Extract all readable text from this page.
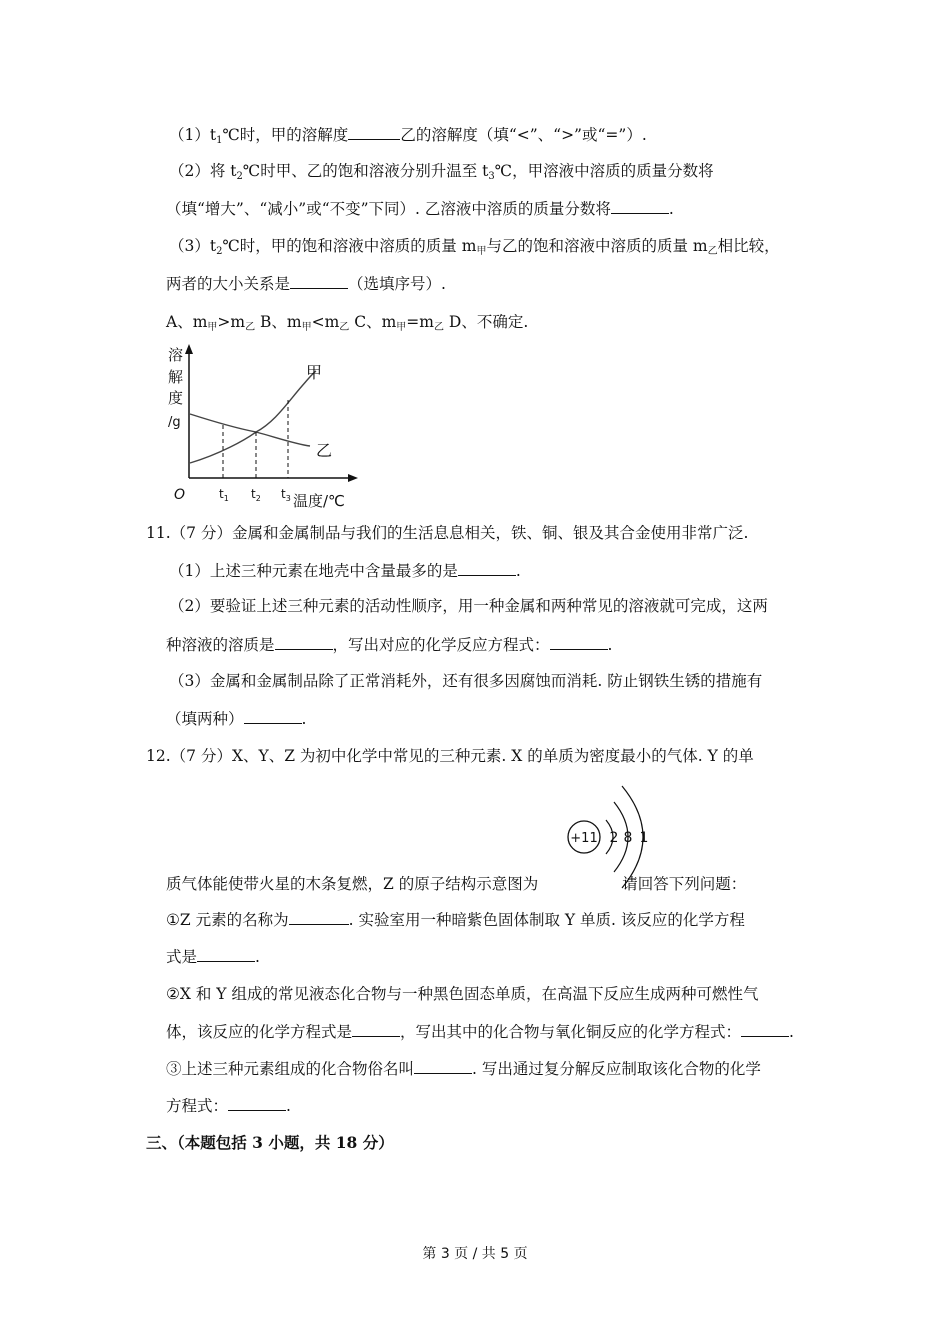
$(1)t_1℃$时，甲的溶解度	乙的溶解度（填“<”、“>”或“=”）.
（2）将 $t_2℃$时甲、乙的饱和溶液分别升温至 $t_3℃$，甲溶液中溶质的质量分数将
（填“增大”、“减小”或“不变”下同）. 乙溶液中溶质的质量分数将	.
$(3)t_2℃$时，甲的饱和溶液中溶质的质量 $m_甲$与乙的饱和溶液中溶质的质量 $m_乙$相比较，
两者的大小关系是	（选填序号）.
A、$m_甲>m_乙$ B、$m_甲<m_乙$ C、$m_甲=m_乙$ D、不确定.
溶
解
度
/g
甲
乙
O	$t_1$ $t_2$ $t_3$ 温度/℃
11.（7 分）金属和金属制品与我们的生活息息相关，铁、铜、银及其合金使用非常广泛.
（1）上述三种元素在地壳中含量最多的是	.
（2）要验证上述三种元素的活动性顺序，用一种金属和两种常见的溶液就可完成，这两
种溶液的溶质是	，写出对应的化学反应方程式：	.
（3）金属和金属制品除了正常消耗外，还有很多因腐蚀而消耗. 防止钢铁生锈的措施有
（填两种）	.
12.（7 分）X、Y、Z 为初中化学中常见的三种元素. X 的单质为密度最小的气体. Y 的单
+11 2 8 1
质气体能使带火星的木条复燃，Z 的原子结构示意图为	请回答下列问题：
①Z 元素的名称为	. 实验室用一种暗紫色固体制取 Y 单质. 该反应的化学方程
式是	.
②X 和 Y 组成的常见液态化合物与一种黑色固态单质，在高温下反应生成两种可燃性气
体，该反应的化学方程式是	，写出其中的化合物与氧化铜反应的化学方程式：	.
③上述三种元素组成的化合物俗名叫	. 写出通过复分解反应制取该化合物的化学
方程式：	.
三、（本题包括 3 小题，共 18 分）
第 3 页 / 共 5 页
